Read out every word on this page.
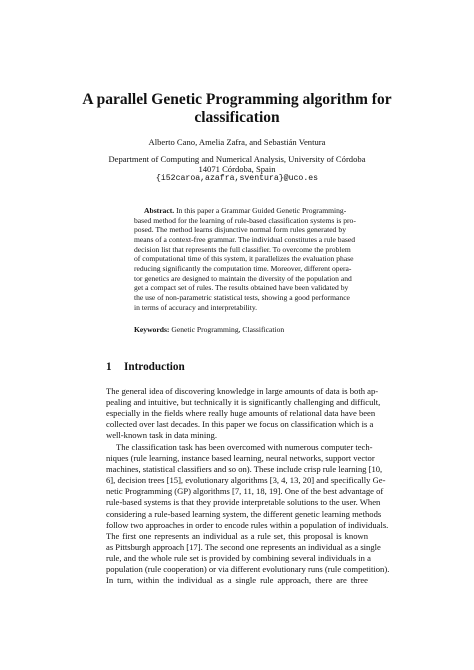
A parallel Genetic Programming algorithm for
classification
Alberto Cano, Amelia Zafra, and Sebastián Ventura
Department of Computing and Numerical Analysis, University of Córdoba
14071 Córdoba, Spain
{i52caroa,azafra,sventura}@uco.es
Abstract. In this paper a Grammar Guided Genetic Programming-
based method for the learning of rule-based classification systems is pro-
posed. The method learns disjunctive normal form rules generated by
means of a context-free grammar. The individual constitutes a rule based
decision list that represents the full classifier. To overcome the problem
of computational time of this system, it parallelizes the evaluation phase
reducing significantly the computation time. Moreover, different opera-
tor genetics are designed to maintain the diversity of the population and
get a compact set of rules. The results obtained have been validated by
the use of non-parametric statistical tests, showing a good performance
in terms of accuracy and interpretability.
Keywords: Genetic Programming, Classification
1 Introduction
The general idea of discovering knowledge in large amounts of data is both ap-
pealing and intuitive, but technically it is significantly challenging and difficult,
especially in the fields where really huge amounts of relational data have been
collected over last decades. In this paper we focus on classification which is a
well-known task in data mining.
The classification task has been overcomed with numerous computer tech-
niques (rule learning, instance based learning, neural networks, support vector
machines, statistical classifiers and so on). These include crisp rule learning [10,
6], decision trees [15], evolutionary algorithms [3, 4, 13, 20] and specifically Ge-
netic Programming (GP) algorithms [7, 11, 18, 19]. One of the best advantage of
rule-based systems is that they provide interpretable solutions to the user. When
considering a rule-based learning system, the different genetic learning methods
follow two approaches in order to encode rules within a population of individuals.
The first one represents an individual as a rule set, this proposal is known
as Pittsburgh approach [17]. The second one represents an individual as a single
rule, and the whole rule set is provided by combining several individuals in a
population (rule cooperation) or via different evolutionary runs (rule competition).
In turn, within the individual as a single rule approach, there are three
